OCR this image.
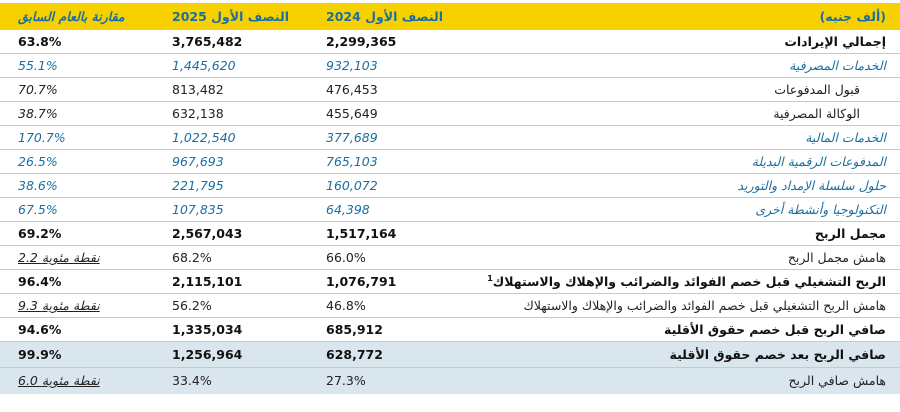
مقارنة بالعام السابق	النصف الأول 2025	النصف الأول 2024	(ألف جنيه)
63.8%	3,765,482	2,299,365	إجمالي الإيرادات
55.1%	1,445,620	932,103	الخدمات المصرفية
70.7%	813,482	476,453	قبول المدفوعات
38.7%	632,138	455,649	الوكالة المصرفية
170.7%	1,022,540	377,689	الخدمات المالية
26.5%	967,693	765,103	المدفوعات الرقمية البديلة
38.6%	221,795	160,072	حلول سلسلة الإمداد والتوريد
67.5%	107,835	64,398	التكنولوجيا وأنشطة أخرى
69.2%	2,567,043	1,517,164	مجمل الربح
2.2 نقطة مئوية	68.2%	66.0%	هامش مجمل الربح
96.4%	2,115,101	1,076,791	الربح التشغيلي قبل خصم الفوائد والضرائب والإهلاك والاستهلاك$^1$
9.3 نقطة مئوية	56.2%	46.8%	هامش الربح التشغيلي قبل خصم الفوائد والضرائب والإهلاك والاستهلاك
94.6%	1,335,034	685,912	صافي الربح قبل خصم حقوق الأقلية
99.9%	1,256,964	628,772	صافي الربح بعد خصم حقوق الأقلية
6.0 نقطة مئوية	33.4%	27.3%	هامش صافي الربح
